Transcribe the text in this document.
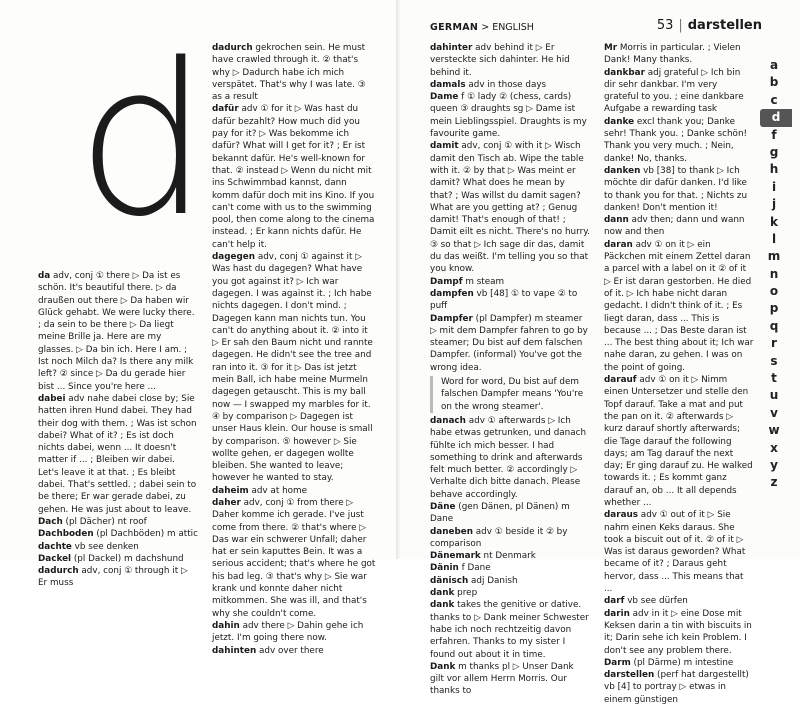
d

da adv, conj ① there ▷ Da ist es schön. It's beautiful there. ▷ da draußen out there ▷ Da haben wir Glück gehabt. We were lucky there. ; da sein to be there ▷ Da liegt meine Brille ja. Here are my glasses. ▷ Da bin ich. Here I am. ; Ist noch Milch da? Is there any milk left? ② since ▷ Da du gerade hier bist ... Since you're here ...

dabei adv nahe dabei close by; Sie hatten ihren Hund dabei. They had their dog with them. ; Was ist schon dabei? What of it? ; Es ist doch nichts dabei, wenn ... It doesn't matter if ... ; Bleiben wir dabei. Let's leave it at that. ; Es bleibt dabei. That's settled. ; dabei sein to be there; Er war gerade dabei, zu gehen. He was just about to leave.

Dach (pl Dächer) nt roof

Dachboden (pl Dachböden) m attic

dachte vb see denken

Dackel (pl Dackel) m dachshund

dadurch adv, conj ① through it ▷ Er muss

dadurch gekrochen sein. He must have crawled through it. ② that's why ▷ Dadurch habe ich mich verspätet. That's why I was late. ③ as a result

dafür adv ① for it ▷ Was hast du dafür bezahlt? How much did you pay for it? ▷ Was bekomme ich dafür? What will I get for it? ; Er ist bekannt dafür. He's well-known for that. ② instead ▷ Wenn du nicht mit ins Schwimmbad kannst, dann komm dafür doch mit ins Kino. If you can't come with us to the swimming pool, then come along to the cinema instead. ; Er kann nichts dafür. He can't help it.

dagegen adv, conj ① against it ▷ Was hast du dagegen? What have you got against it? ▷ Ich war dagegen. I was against it. ; Ich habe nichts dagegen. I don't mind. ; Dagegen kann man nichts tun. You can't do anything about it. ② into it ▷ Er sah den Baum nicht und rannte dagegen. He didn't see the tree and ran into it. ③ for it ▷ Das ist jetzt mein Ball, ich habe meine Murmeln dagegen getauscht. This is my ball now — I swapped my marbles for it. ④ by comparison ▷ Dagegen ist unser Haus klein. Our house is small by comparison. ⑤ however ▷ Sie wollte gehen, er dagegen wollte bleiben. She wanted to leave; however he wanted to stay.

daheim adv at home

daher adv, conj ① from there ▷ Daher komme ich gerade. I've just come from there. ② that's where ▷ Das war ein schwerer Unfall; daher hat er sein kaputtes Bein. It was a serious accident; that's where he got his bad leg. ③ that's why ▷ Sie war krank und konnte daher nicht mitkommen. She was ill, and that's why she couldn't come.

dahin adv there ▷ Dahin gehe ich jetzt. I'm going there now.

dahinten adv over there

GERMAN > ENGLISH	53 | darstellen

dahinter adv behind it ▷ Er versteckte sich dahinter. He hid behind it.

damals adv in those days

Dame f ① lady ② (chess, cards) queen ③ draughts sg ▷ Dame ist mein Lieblingsspiel. Draughts is my favourite game.

damit adv, conj ① with it ▷ Wisch damit den Tisch ab. Wipe the table with it. ② by that ▷ Was meint er damit? What does he mean by that? ; Was willst du damit sagen? What are you getting at? ; Genug damit! That's enough of that! ; Damit eilt es nicht. There's no hurry. ③ so that ▷ Ich sage dir das, damit du das weißt. I'm telling you so that you know.

Dampf m steam

dampfen vb [48] ① to vape ② to puff

Dampfer (pl Dampfer) m steamer ▷ mit dem Dampfer fahren to go by steamer; Du bist auf dem falschen Dampfer. (informal) You've got the wrong idea.

Word for word, Du bist auf dem falschen Dampfer means 'You're on the wrong steamer'.

danach adv ① afterwards ▷ Ich habe etwas getrunken, und danach fühlte ich mich besser. I had something to drink and afterwards felt much better. ② accordingly ▷ Verhalte dich bitte danach. Please behave accordingly.

Däne (gen Dänen, pl Dänen) m Dane

daneben adv ① beside it ② by comparison

Dänemark nt Denmark

Dänin f Dane

dänisch adj Danish

dank prep

dank takes the genitive or dative. thanks to ▷ Dank meiner Schwester habe ich noch rechtzeitig davon erfahren. Thanks to my sister I found out about it in time.

Dank m thanks pl ▷ Unser Dank gilt vor allem Herrn Morris. Our thanks to

Mr Morris in particular. ; Vielen Dank! Many thanks.

dankbar adj grateful ▷ Ich bin dir sehr dankbar. I'm very grateful to you. ; eine dankbare Aufgabe a rewarding task

danke excl thank you; Danke sehr! Thank you. ; Danke schön! Thank you very much. ; Nein, danke! No, thanks.

danken vb [38] to thank ▷ Ich möchte dir dafür danken. I'd like to thank you for that. ; Nichts zu danken! Don't mention it!

dann adv then; dann und wann now and then

daran adv ① on it ▷ ein Päckchen mit einem Zettel daran a parcel with a label on it ② of it ▷ Er ist daran gestorben. He died of it. ▷ Ich habe nicht daran gedacht. I didn't think of it. ; Es liegt daran, dass ... This is because ... ; Das Beste daran ist ... The best thing about it; Ich war nahe daran, zu gehen. I was on the point of going.

darauf adv ① on it ▷ Nimm einen Untersetzer und stelle den Topf darauf. Take a mat and put the pan on it. ② afterwards ▷ kurz darauf shortly afterwards; die Tage darauf the following days; am Tag darauf the next day; Er ging darauf zu. He walked towards it. ; Es kommt ganz darauf an, ob ... It all depends whether ...

daraus adv ① out of it ▷ Sie nahm einen Keks daraus. She took a biscuit out of it. ② of it ▷ Was ist daraus geworden? What became of it? ; Daraus geht hervor, dass ... This means that ...

darf vb see dürfen

darin adv in it ▷ eine Dose mit Keksen darin a tin with biscuits in it; Darin sehe ich kein Problem. I don't see any problem there.

Darm (pl Därme) m intestine

darstellen (perf hat dargestellt) vb [4] to portray ▷ etwas in einem günstigen

a
b
c
d
f
g
h
i
j
k
l
m
n
o
p
q
r
s
t
u
v
w
x
y
z
